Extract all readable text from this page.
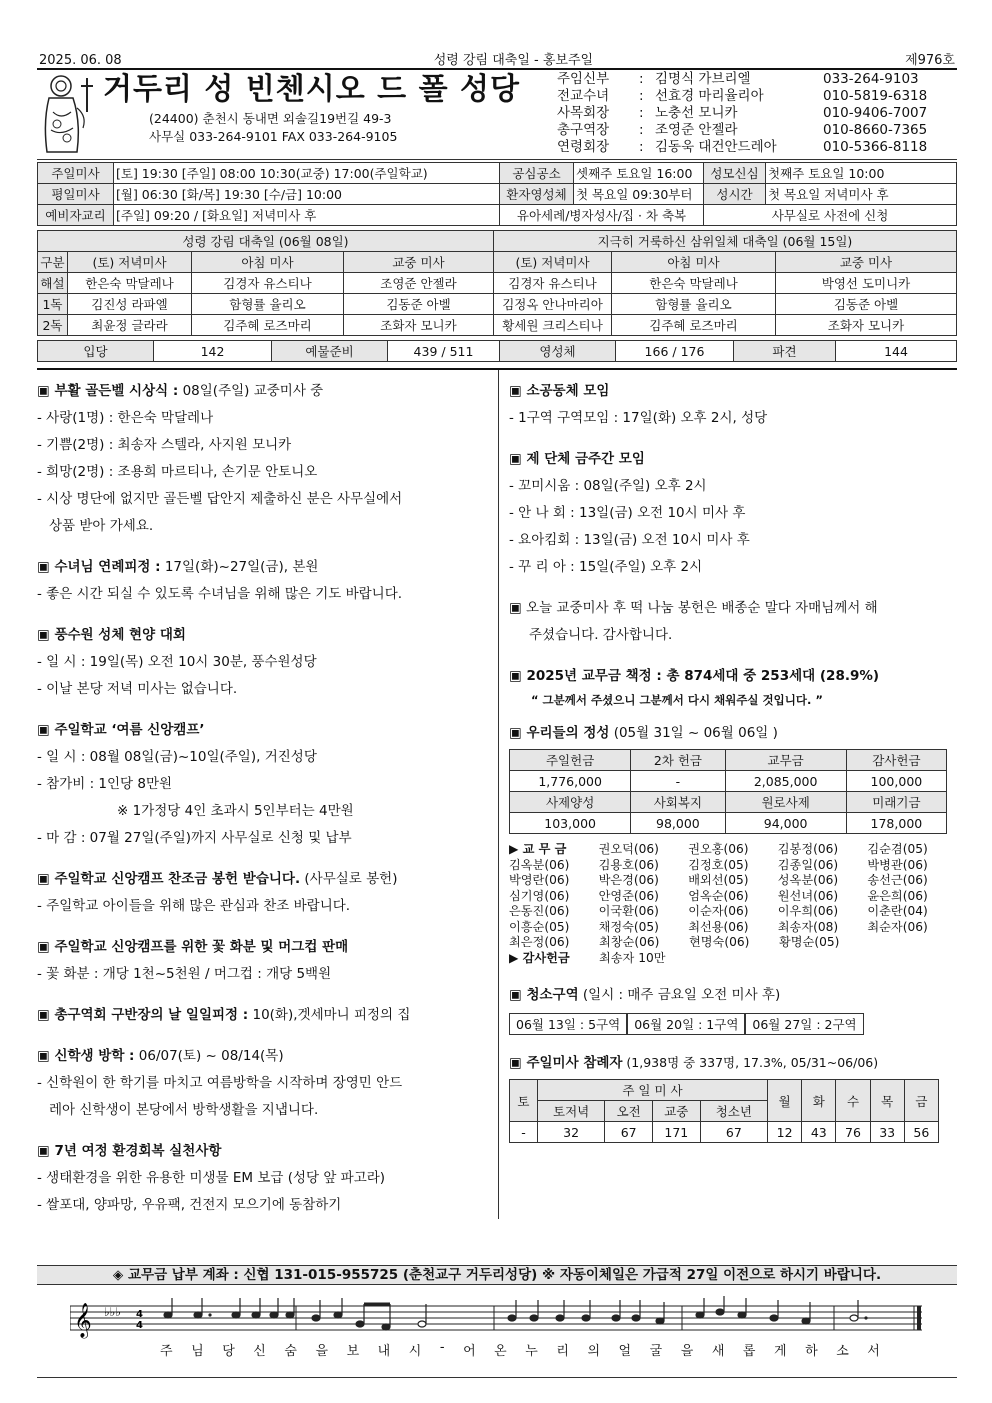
2025. 06. 08	성령 강림 대축일 - 홍보주일	제976호
거두리 성 빈첸시오 드 폴 성당
(24400) 춘천시 동내면 외솔길19번길 49-3
사무실 033-264-9101 FAX 033-264-9105
주임신부	: 김명식 가브리엘	033-264-9103
전교수녀	: 선효경 마리율리아	010-5819-6318
사목회장	: 노충선 모니카	010-9406-7007
총구역장	: 조영준 안젤라	010-8660-7365
연령회장	: 김동욱 대건안드레아	010-5366-8118
주일미사	[토] 19:30 [주일] 08:00 10:30(교중) 17:00(주일학교)	공심공소	셋째주 토요일 16:00	성모신심	첫째주 토요일 10:00
평일미사	[월] 06:30 [화/목] 19:30 [수/금] 10:00	환자영성체	첫 목요일 09:30부터	성시간	첫 목요일 저녁미사 후
예비자교리	[주일] 09:20 / [화요일] 저녁미사 후	유아세례/병자성사/집 · 차 축복		사무실로 사전에 신청	
성령 강림 대축일 (06월 08일)				지극히 거룩하신 삼위일체 대축일 (06월 15일)		
구분	(토) 저녁미사	아침 미사	교중 미사	(토) 저녁미사	아침 미사	교중 미사
해설	한은숙 막달레나	김경자 유스티나	조영준 안젤라	김경자 유스티나	한은숙 막달레나	박영선 도미니카
1독	김진성 라파엘	함형률 율리오	김동준 아벨	김정옥 안나마리아	함형률 율리오	김동준 아벨
2독	최윤정 글라라	김주혜 로즈마리	조화자 모니카	황세원 크리스티나	김주혜 로즈마리	조화자 모니카
입당	142	예물준비	439 / 511	영성체	166 / 176	파견	144
▣ 부활 골든벨 시상식 : 08일(주일) 교중미사 중
- 사랑(1명) : 한은숙 막달레나
- 기쁨(2명) : 최송자 스텔라, 사지원 모니카
- 희망(2명) : 조용희 마르티나, 손기문 안토니오
- 시상 명단에 없지만 골든벨 답안지 제출하신 분은 사무실에서
상품 받아 가세요.
▣ 수녀님 연례피정 : 17일(화)~27일(금), 본원
- 좋은 시간 되실 수 있도록 수녀님을 위해 많은 기도 바랍니다.
▣ 풍수원 성체 현양 대회
- 일 시 : 19일(목) 오전 10시 30분, 풍수원성당
- 이날 본당 저녁 미사는 없습니다.
▣ 주일학교 ‘여름 신앙캠프’
- 일 시 : 08월 08일(금)~10일(주일), 거진성당
- 참가비 : 1인당 8만원
※ 1가정당 4인 초과시 5인부터는 4만원
- 마 감 : 07월 27일(주일)까지 사무실로 신청 및 납부
▣ 주일학교 신앙캠프 찬조금 봉헌 받습니다. (사무실로 봉헌)
- 주일학교 아이들을 위해 많은 관심과 찬조 바랍니다.
▣ 주일학교 신앙캠프를 위한 꽃 화분 및 머그컵 판매
- 꽃 화분 : 개당 1천~5천원 / 머그컵 : 개당 5백원
▣ 총구역회 구반장의 날 일일피정 : 10(화),겟세마니 피정의 집
▣ 신학생 방학 : 06/07(토) ~ 08/14(목)
- 신학원이 한 학기를 마치고 여름방학을 시작하며 장영민 안드
레아 신학생이 본당에서 방학생활을 지냅니다.
▣ 7년 여정 환경회복 실천사항
- 생태환경을 위한 유용한 미생물 EM 보급 (성당 앞 파고라)
- 쌀포대, 양파망, 우유팩, 건전지 모으기에 동참하기
▣ 소공동체 모임
- 1구역 구역모임 : 17일(화) 오후 2시, 성당
▣ 제 단체 금주간 모임
- 꼬미시움 : 08일(주일) 오후 2시
- 안 나 회 : 13일(금) 오전 10시 미사 후
- 요아킴회 : 13일(금) 오전 10시 미사 후
- 꾸 리 아 : 15일(주일) 오후 2시
▣ 오늘 교중미사 후 떡 나눔 봉헌은 배종순 말다 자매님께서 해
주셨습니다. 감사합니다.
▣ 2025년 교무금 책정 : 총 874세대 중 253세대 (28.9%)
“ 그분께서 주셨으니 그분께서 다시 채워주실 것입니다. ”
▣ 우리들의 정성 (05월 31일 ~ 06월 06일 )
주일헌금	2차 헌금	교무금	감사헌금
1,776,000	-	2,085,000	100,000
사제양성	사회복지	원로사제	미래기금
103,000	98,000	94,000	178,000
▶ 교 무 금	권오덕(06)	권오홍(06)	김봉정(06)	김순겸(05)
김옥분(06)	김용호(06)	김정호(05)	김종일(06)	박병관(06)
박영란(06)	박은경(06)	배외선(05)	성옥분(06)	송선근(06)
심기영(06)	안영준(06)	엄옥순(06)	원선녀(06)	윤은희(06)
은동진(06)	이국환(06)	이순자(06)	이우희(06)	이춘란(04)
이흥순(05)	채정숙(05)	최선용(06)	최송자(08)	최순자(06)
최은정(06)	최창순(06)	현명숙(06)	황명순(05)
▶ 감사헌금	최송자 10만
▣ 청소구역 (일시 : 매주 금요일 오전 미사 후)
06월 13일 : 5구역	06월 20일 : 1구역	06월 27일 : 2구역
▣ 주일미사 참례자 (1,938명 중 337명, 17.3%, 05/31~06/06)
토	주 일 미 사				월	화	수	목	금
	토저녁	오전	교중	청소년					
-	32	67	171	67	12	43	76	33	56
◈ 교무금 납부 계좌 : 신협 131-015-955725 (춘천교구 거두리성당) ※ 자동이체일은 가급적 27일 이전으로 하시기 바랍니다.
𝄞 ♭♭♭ 4
4
주 님 당 신 숨 을 보 내 시 - 어 온 누 리 의 얼 굴 을 새 롭 게 하 소 서
